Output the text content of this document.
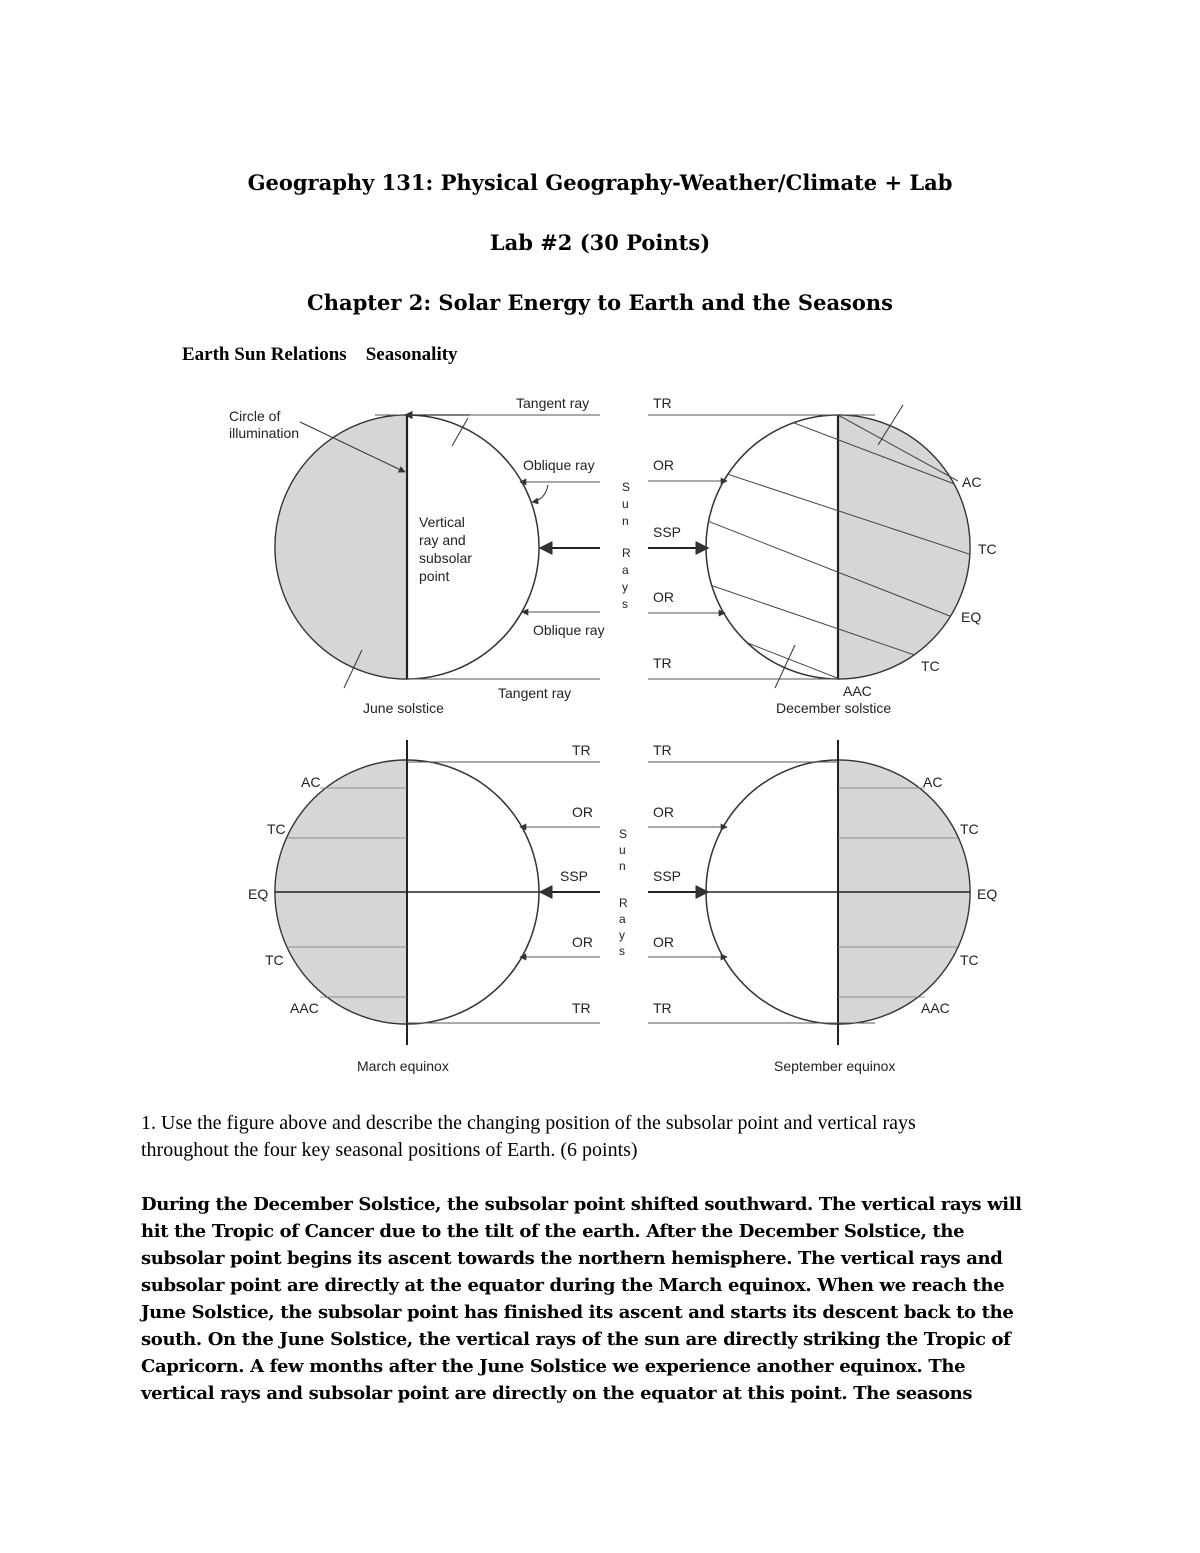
Geography 131: Physical Geography-Weather/Climate + Lab
Lab #2 (30 Points)
Chapter 2: Solar Energy to Earth and the Seasons
Earth Sun Relations    Seasonality
Circle of
illumination
Vertical
ray and
subsolar
point
Tangent ray
Oblique ray
Oblique ray
Tangent ray
June solstice
S
u
n
R
a
y
s
TR
OR
SSP
OR
TR
AC
TC
EQ
TC
AAC
December solstice
TR
OR
SSP
OR
TR
AC
TC
EQ
TC
AAC
March equinox
S
u
n
R
a
y
s
TR
OR
SSP
OR
TR
AC
TC
EQ
TC
AAC
September equinox

1. Use the figure above and describe the changing position of the subsolar point and vertical rays
throughout the four key seasonal positions of Earth. (6 points)

During the December Solstice, the subsolar point shifted southward. The vertical rays will
hit the Tropic of Cancer due to the tilt of the earth. After the December Solstice, the
subsolar point begins its ascent towards the northern hemisphere. The vertical rays and
subsolar point are directly at the equator during the March equinox. When we reach the
June Solstice, the subsolar point has finished its ascent and starts its descent back to the
south. On the June Solstice, the vertical rays of the sun are directly striking the Tropic of
Capricorn. A few months after the June Solstice we experience another equinox. The
vertical rays and subsolar point are directly on the equator at this point. The seasons
